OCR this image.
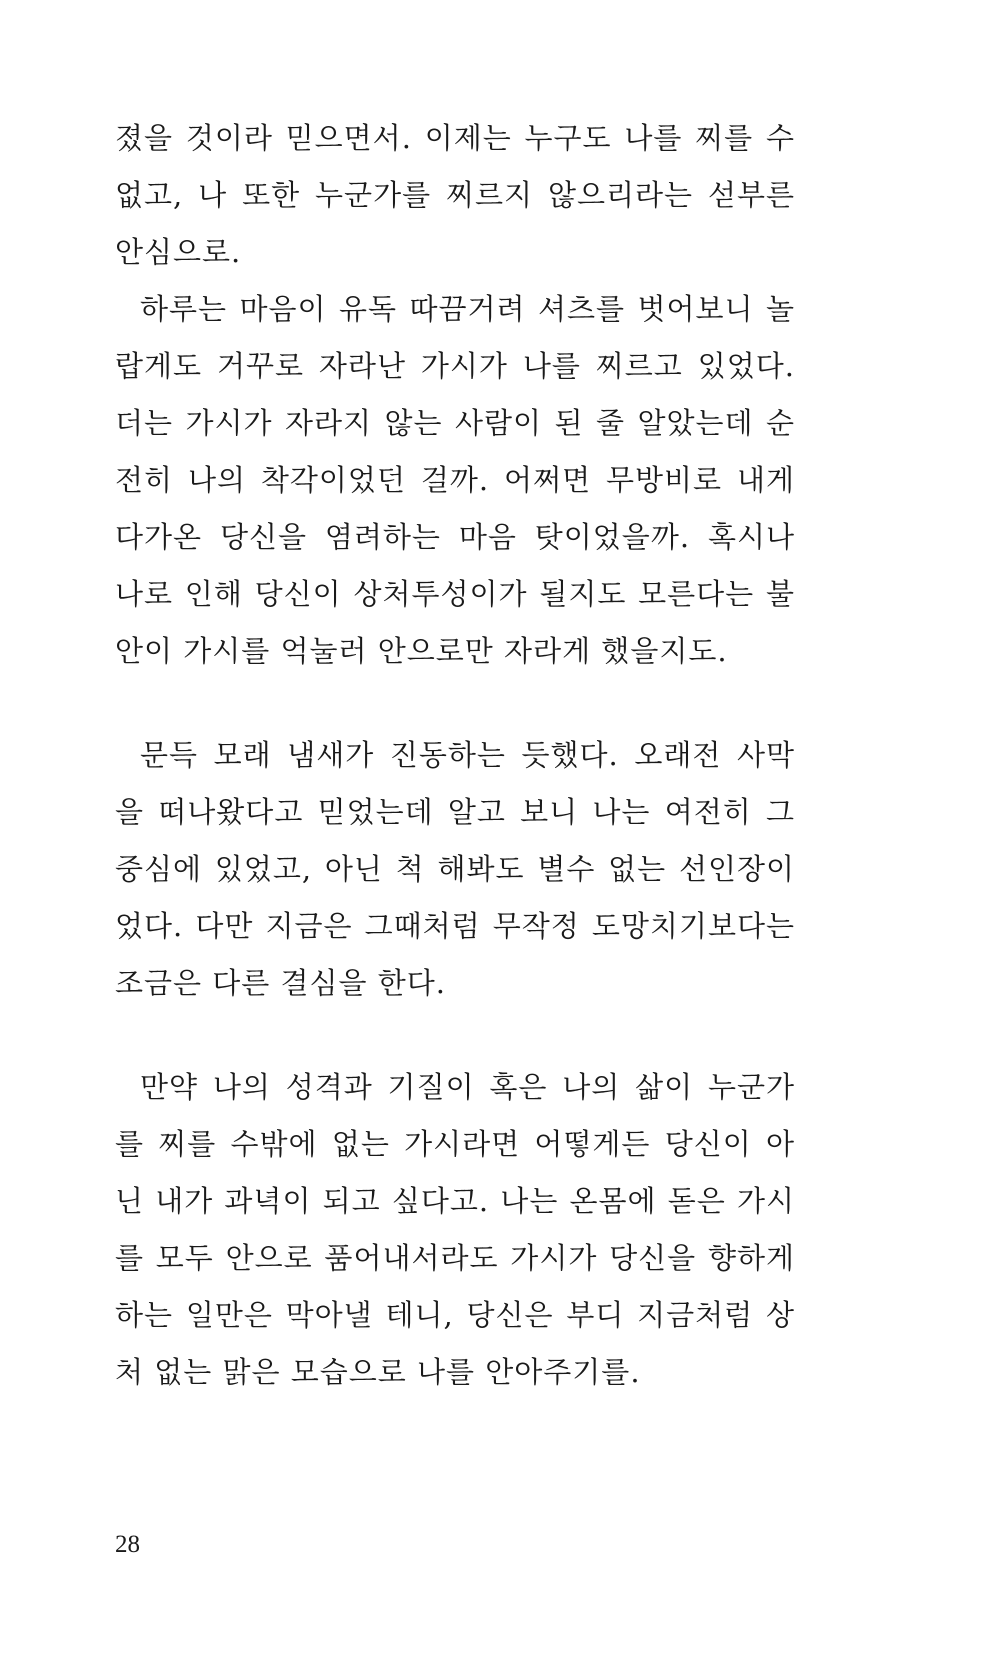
졌을 것이라 믿으면서. 이제는 누구도 나를 찌를 수
없고, 나 또한 누군가를 찌르지 않으리라는 섣부른
안심으로.
하루는 마음이 유독 따끔거려 셔츠를 벗어보니 놀
랍게도 거꾸로 자라난 가시가 나를 찌르고 있었다.
더는 가시가 자라지 않는 사람이 된 줄 알았는데 순
전히 나의 착각이었던 걸까. 어쩌면 무방비로 내게
다가온 당신을 염려하는 마음 탓이었을까. 혹시나
나로 인해 당신이 상처투성이가 될지도 모른다는 불
안이 가시를 억눌러 안으로만 자라게 했을지도.
문득 모래 냄새가 진동하는 듯했다. 오래전 사막
을 떠나왔다고 믿었는데 알고 보니 나는 여전히 그
중심에 있었고, 아닌 척 해봐도 별수 없는 선인장이
었다. 다만 지금은 그때처럼 무작정 도망치기보다는
조금은 다른 결심을 한다.
만약 나의 성격과 기질이 혹은 나의 삶이 누군가
를 찌를 수밖에 없는 가시라면 어떻게든 당신이 아
닌 내가 과녁이 되고 싶다고. 나는 온몸에 돋은 가시
를 모두 안으로 품어내서라도 가시가 당신을 향하게
하는 일만은 막아낼 테니, 당신은 부디 지금처럼 상
처 없는 맑은 모습으로 나를 안아주기를.
28
